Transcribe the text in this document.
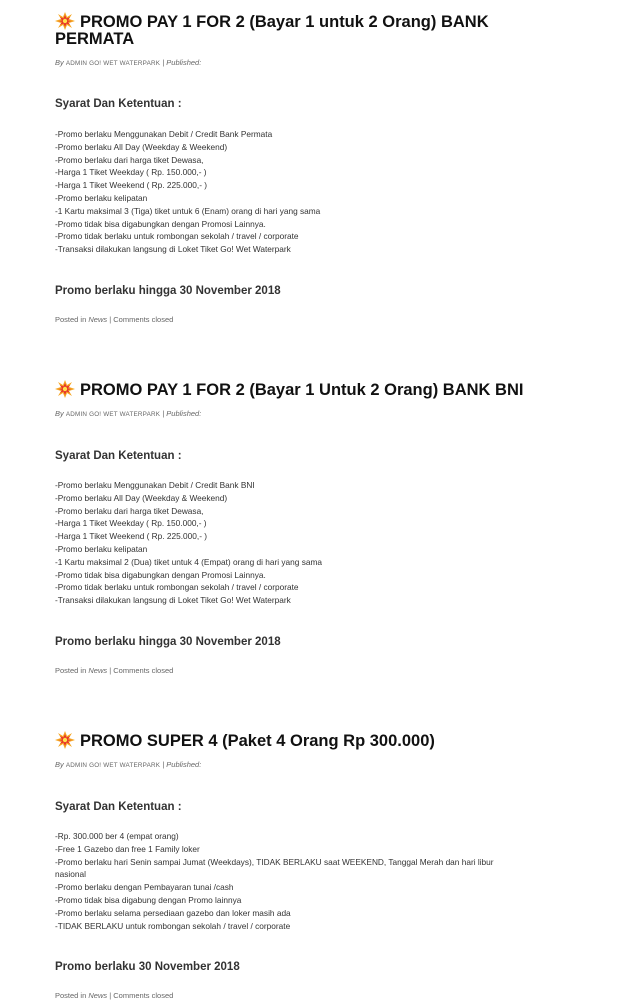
PROMO PAY 1 FOR 2 (Bayar 1 untuk 2 Orang) BANK PERMATA
By ADMIN GO! WET WATERPARK | Published:
Syarat Dan Ketentuan :
-Promo berlaku Menggunakan Debit / Credit Bank Permata
-Promo berlaku All Day (Weekday & Weekend)
-Promo berlaku dari harga tiket Dewasa,
-Harga 1 Tiket Weekday ( Rp. 150.000,- )
-Harga 1 Tiket Weekend ( Rp. 225.000,- )
-Promo berlaku kelipatan
-1 Kartu maksimal 3 (Tiga) tiket untuk 6 (Enam) orang di hari yang sama
-Promo tidak bisa digabungkan dengan Promosi Lainnya.
-Promo tidak berlaku untuk rombongan sekolah / travel / corporate
-Transaksi dilakukan langsung di Loket Tiket Go! Wet Waterpark
Promo berlaku hingga 30 November 2018
Posted in News | Comments closed
PROMO PAY 1 FOR 2 (Bayar 1 Untuk 2 Orang) BANK BNI
By ADMIN GO! WET WATERPARK | Published:
Syarat Dan Ketentuan :
-Promo berlaku Menggunakan Debit / Credit Bank BNI
-Promo berlaku All Day (Weekday & Weekend)
-Promo berlaku dari harga tiket Dewasa,
-Harga 1 Tiket Weekday ( Rp. 150.000,- )
-Harga 1 Tiket Weekend ( Rp. 225.000,- )
-Promo berlaku kelipatan
-1 Kartu maksimal 2 (Dua) tiket untuk 4 (Empat) orang di hari yang sama
-Promo tidak bisa digabungkan dengan Promosi Lainnya.
-Promo tidak berlaku untuk rombongan sekolah / travel / corporate
-Transaksi dilakukan langsung di Loket Tiket Go! Wet Waterpark
Promo berlaku hingga 30 November 2018
Posted in News | Comments closed
PROMO SUPER 4 (Paket 4 Orang Rp 300.000)
By ADMIN GO! WET WATERPARK | Published:
Syarat Dan Ketentuan :
-Rp. 300.000 ber 4 (empat orang)
-Free 1 Gazebo dan free 1 Family loker
-Promo berlaku hari Senin sampai Jumat (Weekdays), TIDAK BERLAKU saat WEEKEND, Tanggal Merah dan hari libur nasional
-Promo berlaku dengan Pembayaran tunai /cash
-Promo tidak bisa digabung dengan Promo lainnya
-Promo berlaku selama persediaan gazebo dan loker masih ada
-TIDAK BERLAKU untuk rombongan sekolah / travel / corporate
Promo berlaku 30 November 2018
Posted in News | Comments closed
